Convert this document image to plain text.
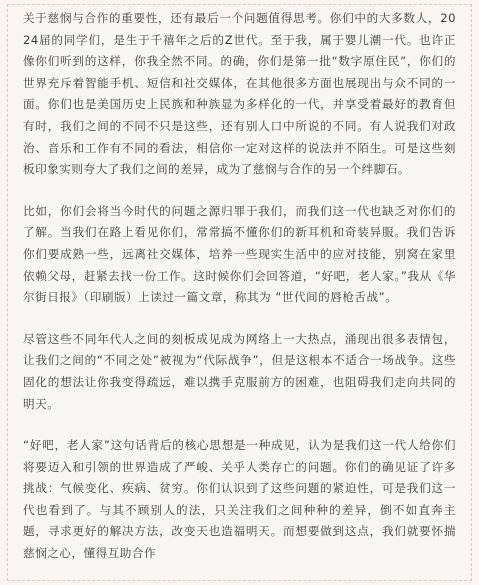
关于慈悯与合作的重要性，还有最后一个问题值得思考。你们中的大多数人，2024届的同学们，是生于千禧年之后的Z世代。至于我，属于婴儿潮一代。也许正像你们听到的这样，你我全然不同。的确，你们是第一批“数字原住民”，你们的世界充斥着智能手机、短信和社交媒体，在其他很多方面也展现出与众不同的一面。你们也是美国历史上民族和种族显为多样化的一代，并享受着最好的教育但有时，我们之间的不同不只是这些，还有别人口中所说的不同。有人说我们对政治、音乐和工作有不同的看法，相信你一定对这样的说法并不陌生。可是这些刻板印象实则夸大了我们之间的差异，成为了慈悯与合作的另一个绊脚石。

比如，你们会将当今时代的问题之源归罪于我们，而我们这一代也缺乏对你们的了解。当我们在路上看见你们，常常搞不懂你们的新耳机和奇装异服。我们告诉你们要成熟一些，远离社交媒体，培养一些现实生活中的应对技能，别窝在家里依赖父母，赶紧去找一份工作。这时候你们会回答道，“好吧，老人家。”我从《华尔街日报》（印刷版）上读过一篇文章，称其为 “世代间的唇枪舌战”。

尽管这些不同年代人之间的刻板成见成为网络上一大热点，涌现出很多表情包，让我们之间的“不同之处”被视为“代际战争”，但是这根本不适合一场战争。这些固化的想法让你我变得疏远，难以携手克服前方的困难，也阻碍我们走向共同的明天。

“好吧，老人家”这句话背后的核心思想是一种成见，认为是我们这一代人给你们将要迈入和引领的世界造成了严峻、关乎人类存亡的问题。你们的确见证了许多挑战：气候变化、疾病、贫穷。你们认识到了这些问题的紧迫性，可是我们这一代也看到了。与其不顾别人的法，只关注我们之间种种的差异，倒不如直奔主题，寻求更好的解决方法，改变天也造福明天。而想要做到这点，我们就要怀揣慈悯之心，懂得互助合作
